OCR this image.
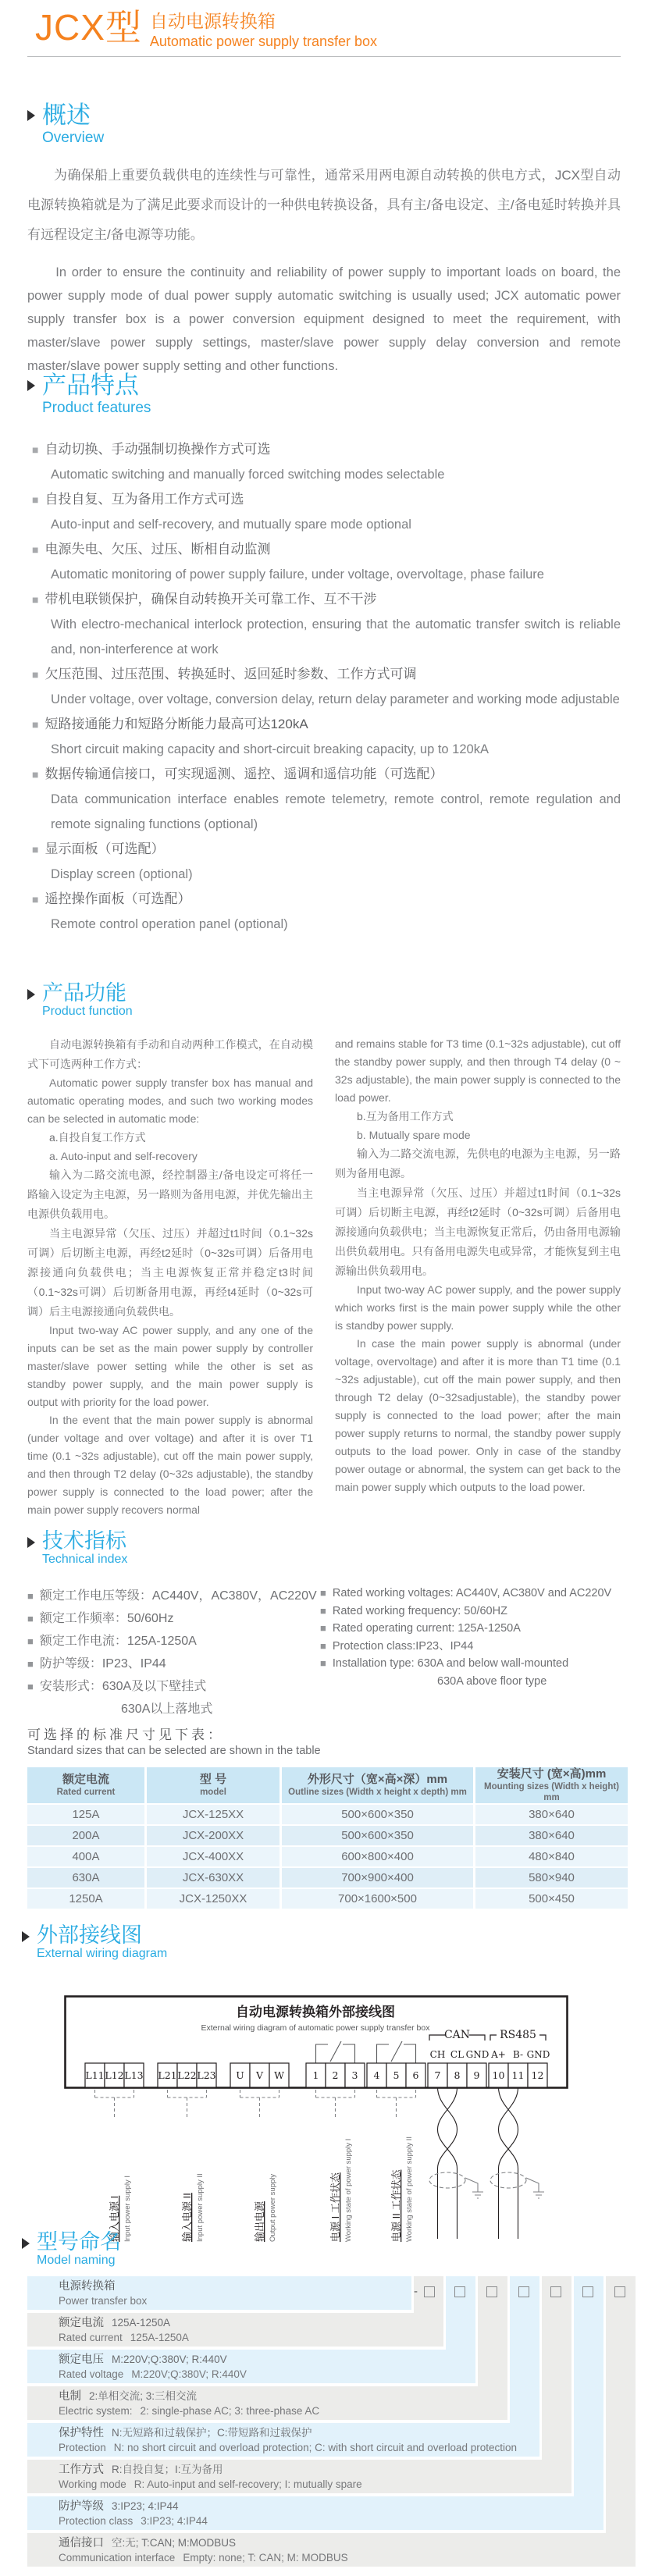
JCX型 自动电源转换箱
Automatic power supply transfer box
概述
Overview

为确保船上重要负载供电的连续性与可靠性，通常采用两电源自动转换的供电方式，JCX型自动电源转换箱就是为了满足此要求而设计的一种供电转换设备，具有主/备电设定、主/备电延时转换并具有远程设定主/备电源等功能。

In order to ensure the continuity and reliability of power supply to important loads on board, the power supply mode of dual power supply automatic switching is usually used; JCX automatic power supply transfer box is a power conversion equipment designed to meet the requirement, with master/slave power supply settings, master/slave power supply delay conversion and remote master/slave power supply setting and other functions.

产品特点
Product features
■ 自动切换、手动强制切换操作方式可选
Automatic switching and manually forced switching modes selectable
■ 自投自复、互为备用工作方式可选
Auto-input and self-recovery, and mutually spare mode optional
■ 电源失电、欠压、过压、断相自动监测
Automatic monitoring of power supply failure, under voltage, overvoltage, phase failure
■ 带机电联锁保护，确保自动转换开关可靠工作、互不干涉
With electro-mechanical interlock protection, ensuring that the automatic transfer switch is reliable and, non-interference at work
■ 欠压范围、过压范围、转换延时、返回延时参数、工作方式可调
Under voltage, over voltage, conversion delay, return delay parameter and working mode adjustable
■ 短路接通能力和短路分断能力最高可达120kA
Short circuit making capacity and short-circuit breaking capacity, up to 120kA
■ 数据传输通信接口，可实现遥测、遥控、遥调和遥信功能（可选配）
Data communication interface enables remote telemetry, remote control, remote regulation and remote signaling functions (optional)
■ 显示面板（可选配）
Display screen (optional)
■ 遥控操作面板（可选配）
Remote control operation panel (optional)
产品功能
Product function

自动电源转换箱有手动和自动两种工作模式，在自动模式下可选两种工作方式：

Automatic power supply transfer box has manual and automatic operating modes, and such two working modes can be selected in automatic mode:

a.自投自复工作方式

a. Auto-input and self-recovery

输入为二路交流电源，经控制器主/备电设定可将任一路输入设定为主电源，另一路则为备用电源，并优先输出主电源供负载用电。

当主电源异常（欠压、过压）并超过t1时间（0.1~32s可调）后切断主电源，再经t2延时（0~32s可调）后备用电源接通向负载供电；当主电源恢复正常并稳定t3时间（0.1~32s可调）后切断备用电源，再经t4延时（0~32s可调）后主电源接通向负载供电。

Input two-way AC power supply, and any one of the inputs can be set as the main power supply by controller master/slave power setting while the other is set as standby power supply, and the main power supply is output with priority for the load power.

In the event that the main power supply is abnormal (under voltage and over voltage) and after it is over T1 time (0.1 ~32s adjustable), cut off the main power supply, and then through T2 delay (0~32s adjustable), the standby power supply is connected to the load power; after the main power supply recovers normal

and remains stable for T3 time (0.1~32s adjustable), cut off the standby power supply, and then through T4 delay (0 ~ 32s adjustable), the main power supply is connected to the load power.

b.互为备用工作方式

b. Mutually spare mode

输入为二路交流电源，先供电的电源为主电源，另一路则为备用电源。

当主电源异常（欠压、过压）并超过t1时间（0.1~32s可调）后切断主电源，再经t2延时（0~32s可调）后备用电源接通向负载供电；当主电源恢复正常后，仍由备用电源输出供负载用电。只有备用电源失电或异常，才能恢复到主电源输出供负载用电。

Input two-way AC power supply, and the power supply which works first is the main power supply while the other is standby power supply.

In case the main power supply is abnormal (under voltage, overvoltage) and after it is more than T1 time (0.1 ~32s adjustable), cut off the main power supply, and then through T2 delay (0~32sadjustable), the standby power supply is connected to the load power; after the main power supply returns to normal, the standby power supply outputs to the load power. Only in case of the standby power outage or abnormal, the system can get back to the main power supply which outputs to the load power.

技术指标
Technical index
■ 额定工作电压等级：AC440V，AC380V，AC220V
■ 额定工作频率：50/60Hz
■ 额定工作电流：125A-1250A
■ 防护等级：IP23、IP44
■ 安装形式：630A及以下壁挂式
630A以上落地式
■ Rated working voltages: AC440V, AC380V and AC220V
■ Rated working frequency: 50/60HZ
■ Rated operating current: 125A-1250A
■ Protection class:IP23、IP44
■ Installation type: 630A and below wall-mounted
630A above floor type

可选择的标准尺寸见下表：

Standard sizes that can be selected are shown in the table

额定电流
Rated current

型 号
model

外形尺寸（宽×高×深）mm
Outline sizes (Width x height x depth) mm

安装尺寸 (宽×高)mm
Mounting sizes (Width x height) mm

125A	JCX-125XX	500×600×350	380×640
200A	JCX-200XX	500×600×350	380×640
400A	JCX-400XX	600×800×400	480×840
630A	JCX-630XX	700×900×400	580×940
1250A	JCX-1250XX	700×1600×500	500×450
外部接线图
External wiring diagram
自动电源转换箱外部接线图
External wiring diagram of automatic power supply transfer box
CAN	RS485
CH CL GND A+ B- GND
L11 L12 L13 L21 L22 L23 U V W	1 2 3 4 5 6 7 8 9 10 11 12
输入电源 I Input power supply I	输入电源 II Input power supply II	输出电源 Output power supply	电源 I 工作状态 Working state of power supply I	电源 II 工作状态 Working state of power supply II
型号命名
Model naming
-
电源转换箱
Power transfer box
额定电流 125A-1250A
Rated current 125A-1250A
额定电压 M:220V;Q:380V; R:440V
Rated voltage M:220V;Q:380V; R:440V
电制 2:单相交流; 3:三相交流
Electric system: 2: single-phase AC; 3: three-phase AC
保护特性 N:无短路和过载保护；C:带短路和过载保护
Protection N: no short circuit and overload protection; C: with short circuit and overload protection
工作方式 R:自投自复；I:互为备用
Working mode R: Auto-input and self-recovery; I: mutually spare
防护等级 3:IP23; 4:IP44
Protection class 3:IP23; 4:IP44
通信接口 空:无; T:CAN; M:MODBUS
Communication interface Empty: none; T: CAN; M: MODBUS
